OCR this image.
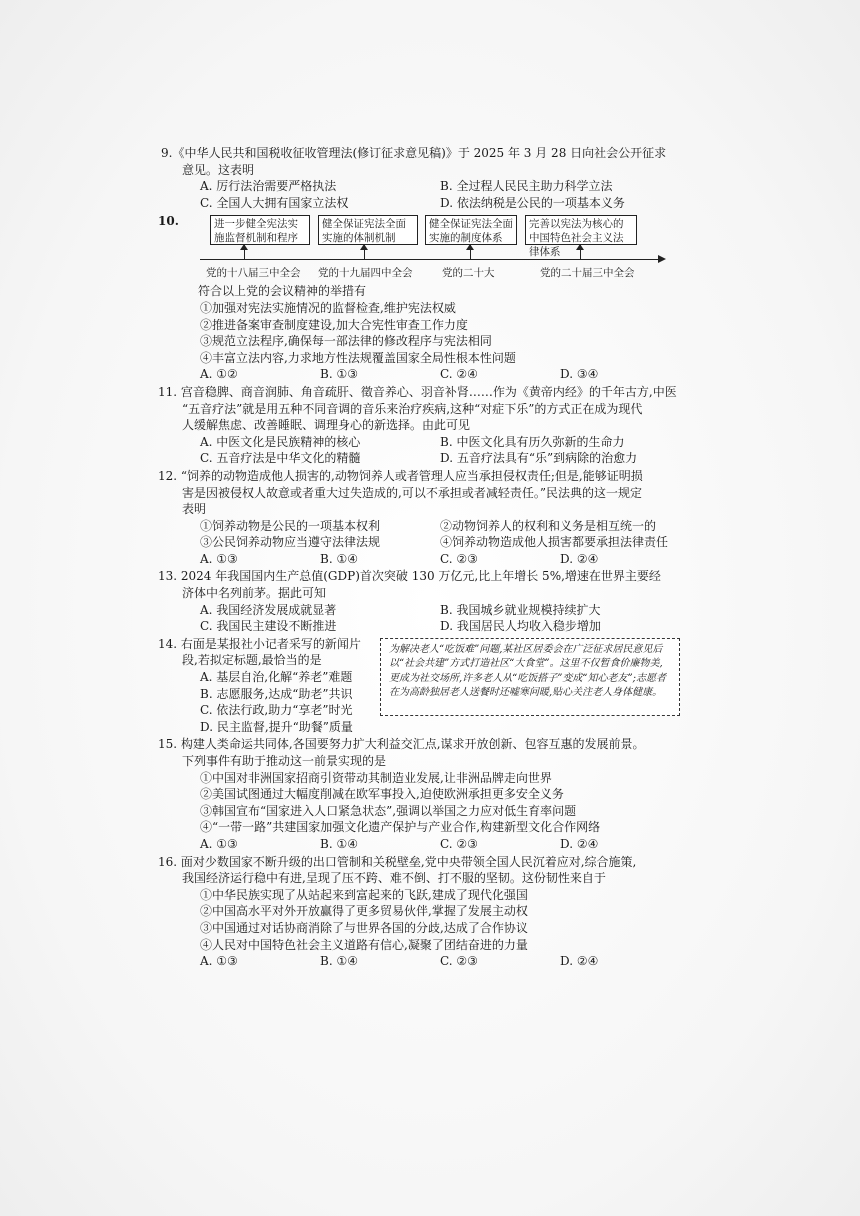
9.《中华人民共和国税收征收管理法(修订征求意见稿)》于 2025 年 3 月 28 日向社会公开征求
意见。这表明
A. 厉行法治需要严格执法	B. 全过程人民民主助力科学立法
C. 全国人大拥有国家立法权	D. 依法纳税是公民的一项基本义务
10.	进一步健全宪法实施监督机制和程序
健全保证宪法全面实施的体制机制
健全保证宪法全面实施的制度体系
完善以宪法为核心的中国特色社会主义法律体系
党的十八届三中全会 党的十九届四中全会	党的二十大	党的二十届三中全会
符合以上党的会议精神的举措有
①加强对宪法实施情况的监督检查,维护宪法权威
②推进备案审查制度建设,加大合宪性审查工作力度
③规范立法程序,确保每一部法律的修改程序与宪法相同
④丰富立法内容,力求地方性法规覆盖国家全局性根本性问题
A. ①②	B. ①③	C. ②④	D. ③④
11. 宫音稳脾、商音润肺、角音疏肝、徵音养心、羽音补肾……作为《黄帝内经》的千年古方,中医
“五音疗法”就是用五种不同音调的音乐来治疗疾病,这种“对症下乐”的方式正在成为现代
人缓解焦虑、改善睡眠、调理身心的新选择。由此可见
A. 中医文化是民族精神的核心	B. 中医文化具有历久弥新的生命力
C. 五音疗法是中华文化的精髓	D. 五音疗法具有“乐”到病除的治愈力
12. “饲养的动物造成他人损害的,动物饲养人或者管理人应当承担侵权责任;但是,能够证明损
害是因被侵权人故意或者重大过失造成的,可以不承担或者减轻责任。”民法典的这一规定
表明
①饲养动物是公民的一项基本权利	②动物饲养人的权利和义务是相互统一的
③公民饲养动物应当遵守法律法规	④饲养动物造成他人损害都要承担法律责任
A. ①③	B. ①④	C. ②③	D. ②④
13. 2024 年我国国内生产总值(GDP)首次突破 130 万亿元,比上年增长 5%,增速在世界主要经
济体中名列前茅。据此可知
A. 我国经济发展成就显著	B. 我国城乡就业规模持续扩大
C. 我国民主建设不断推进	D. 我国居民人均收入稳步增加
14. 右面是某报社小记者采写的新闻片
段,若拟定标题,最恰当的是
A. 基层自治,化解“养老”难题
B. 志愿服务,达成“助老”共识
C. 依法行政,助力“享老”时光
D. 民主监督,提升“助餐”质量
为解决老人“吃饭难”问题,某社区居委会在广泛征求居民意见后以“社会共建”方式打造社区“大食堂”。这里不仅暂食价廉物美,更成为社交场所,许多老人从“吃饭搭子”变成“知心老友”;志愿者在为高龄独居老人送餐时还嘘寒问暖,贴心关注老人身体健康。
15. 构建人类命运共同体,各国要努力扩大利益交汇点,谋求开放创新、包容互惠的发展前景。
下列事件有助于推动这一前景实现的是
①中国对非洲国家招商引资带动其制造业发展,让非洲品牌走向世界
②美国试图通过大幅度削减在欧军事投入,迫使欧洲承担更多安全义务
③韩国宣布“国家进入人口紧急状态”,强调以举国之力应对低生育率问题
④“一带一路”共建国家加强文化遗产保护与产业合作,构建新型文化合作网络
A. ①③	B. ①④	C. ②③	D. ②④
16. 面对少数国家不断升级的出口管制和关税壁垒,党中央带领全国人民沉着应对,综合施策,
我国经济运行稳中有进,呈现了压不跨、难不倒、打不服的坚韧。这份韧性来自于
①中华民族实现了从站起来到富起来的飞跃,建成了现代化强国
②中国高水平对外开放赢得了更多贸易伙伴,掌握了发展主动权
③中国通过对话协商消除了与世界各国的分歧,达成了合作协议
④人民对中国特色社会主义道路有信心,凝聚了团结奋进的力量
A. ①③	B. ①④	C. ②③	D. ②④
